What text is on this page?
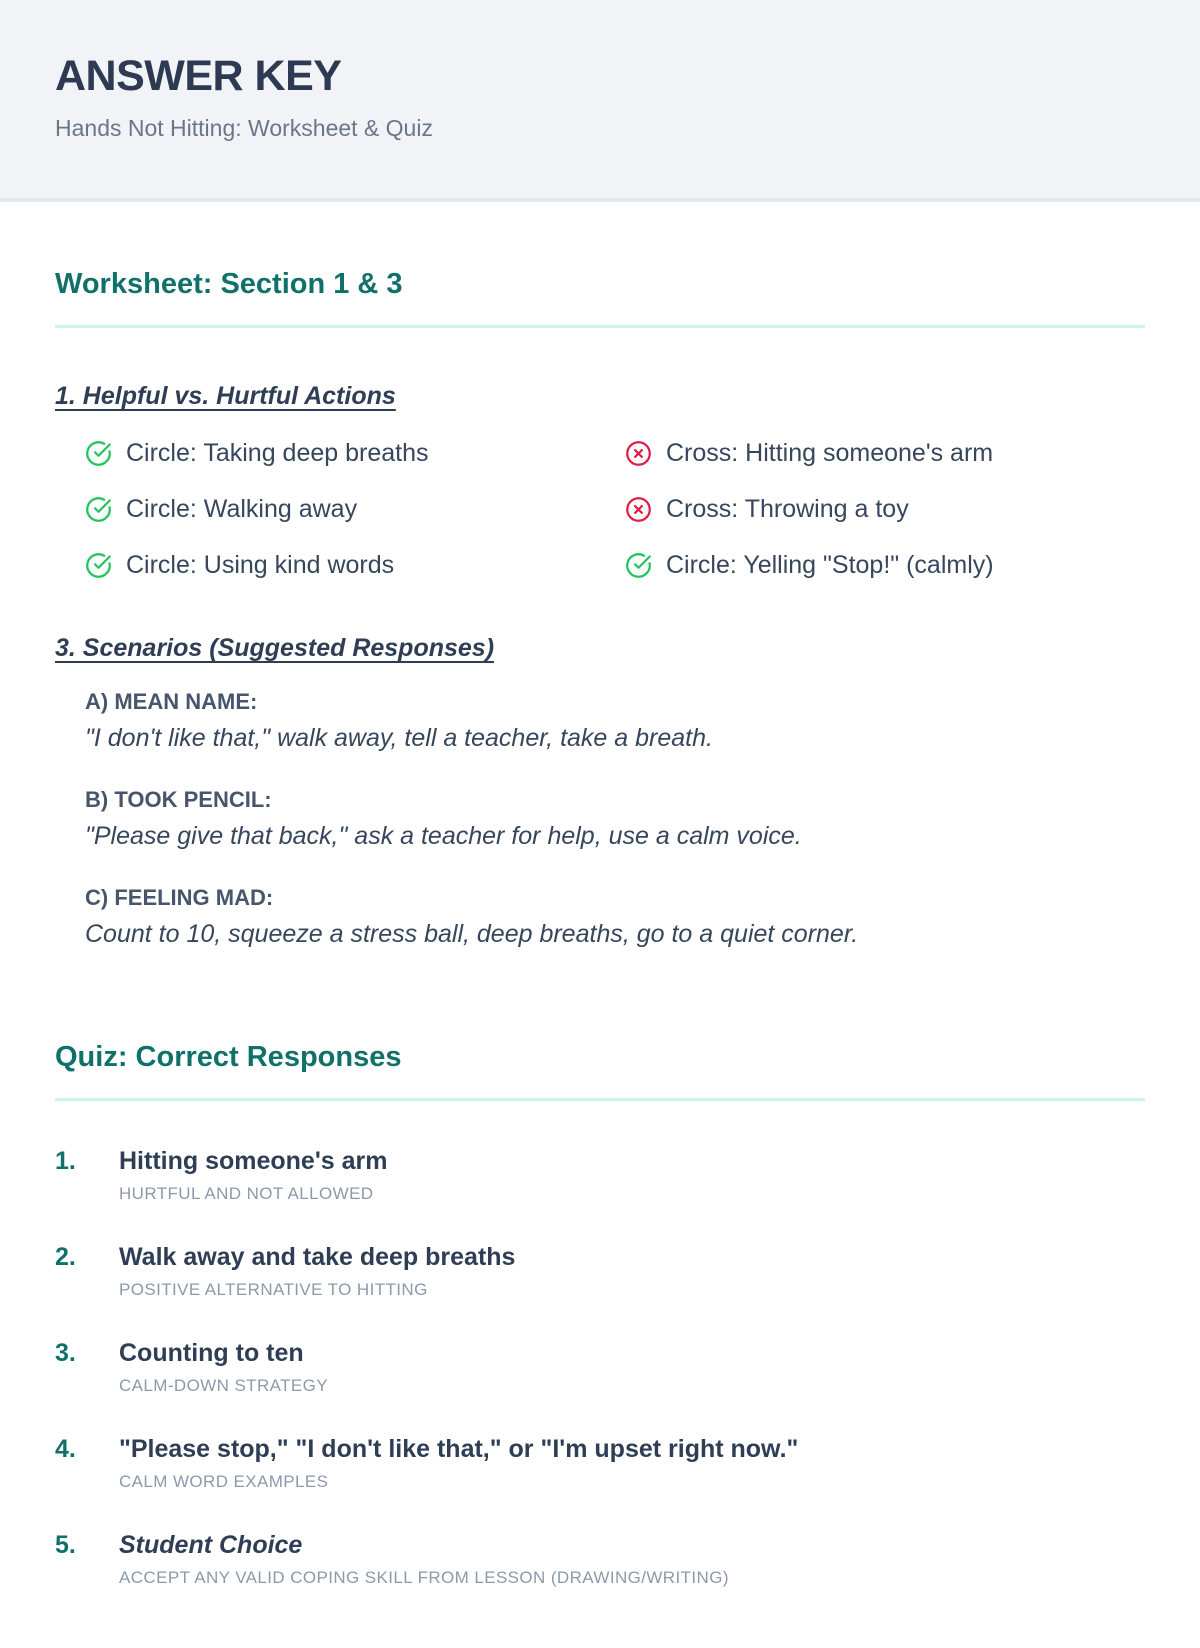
ANSWER KEY

Hands Not Hitting: Worksheet & Quiz

Worksheet: Section 1 & 3
1. Helpful vs. Hurtful Actions
Circle: Taking deep breaths	Cross: Hitting someone's arm
Circle: Walking away	Cross: Throwing a toy
Circle: Using kind words	Circle: Yelling "Stop!" (calmly)
3. Scenarios (Suggested Responses)

A) MEAN NAME:

"I don't like that," walk away, tell a teacher, take a breath.

B) TOOK PENCIL:

"Please give that back," ask a teacher for help, use a calm voice.

C) FEELING MAD:

Count to 10, squeeze a stress ball, deep breaths, go to a quiet corner.

Quiz: Correct Responses
1.	Hitting someone's arm

HURTFUL AND NOT ALLOWED

2.	Walk away and take deep breaths

POSITIVE ALTERNATIVE TO HITTING

3.	Counting to ten

CALM-DOWN STRATEGY

4.	"Please stop," "I don't like that," or "I'm upset right now."

CALM WORD EXAMPLES

5.	Student Choice

ACCEPT ANY VALID COPING SKILL FROM LESSON (DRAWING/WRITING)
